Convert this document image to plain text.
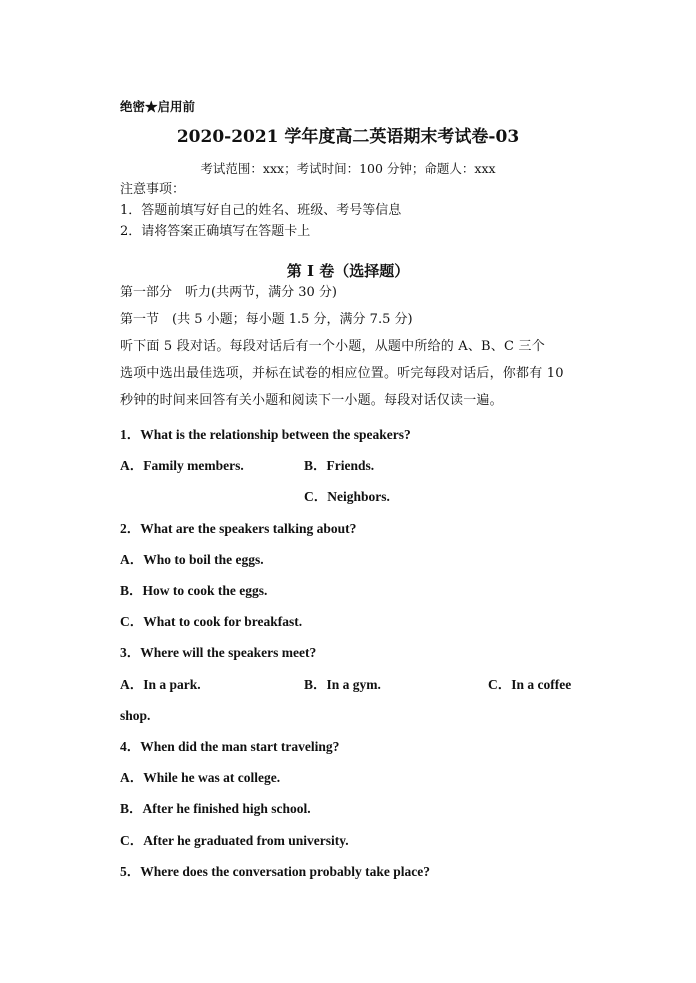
绝密★启用前
2020-2021 学年度高二英语期末考试卷-03
考试范围：xxx；考试时间：100 分钟；命题人：xxx
注意事项：
1．答题前填写好自己的姓名、班级、考号等信息
2．请将答案正确填写在答题卡上
第 I 卷（选择题）
第一部分　听力(共两节，满分 30 分)
第一节　(共 5 小题；每小题 1.5 分，满分 7.5 分)
听下面 5 段对话。每段对话后有一个小题，从题中所给的 A、B、C 三个
选项中选出最佳选项，并标在试卷的相应位置。听完每段对话后，你都有 10
秒钟的时间来回答有关小题和阅读下一小题。每段对话仅读一遍。
1．What is the relationship between the speakers?
A．Family members.	B．Friends.
C．Neighbors.
2．What are the speakers talking about?
A．Who to boil the eggs.
B．How to cook the eggs.
C．What to cook for breakfast.
3．Where will the speakers meet?
A．In a park.	B．In a gym.	C．In a coffee
shop.
4．When did the man start traveling?
A．While he was at college.
B．After he finished high school.
C．After he graduated from university.
5．Where does the conversation probably take place?
